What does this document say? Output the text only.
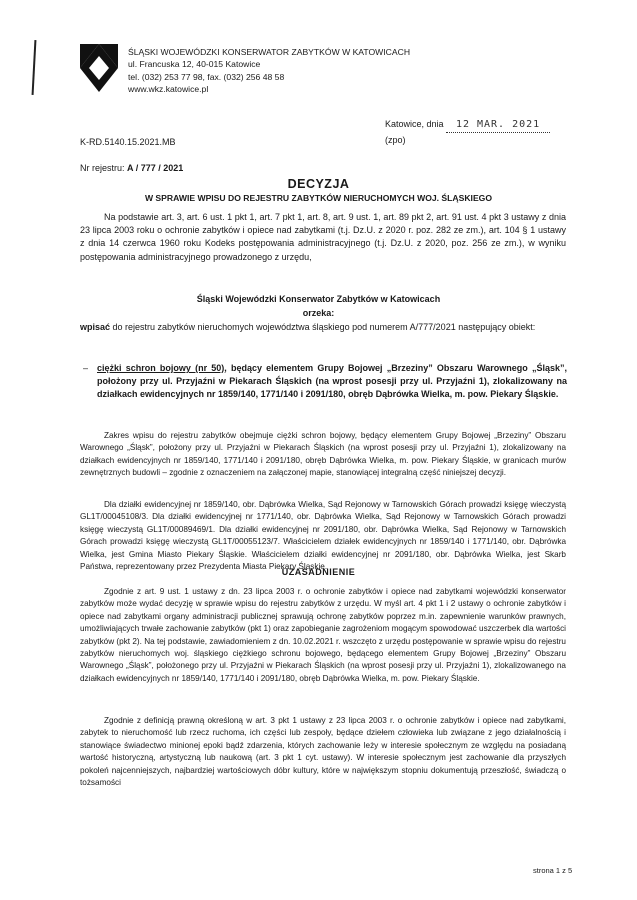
ŚLĄSKI WOJEWÓDZKI KONSERWATOR ZABYTKÓW W KATOWICACH
ul. Francuska 12, 40-015 Katowice
tel. (032) 253 77 98, fax. (032) 256 48 58
www.wkz.katowice.pl
Katowice, dnia 12 MAR. 2021
(zpo)
K-RD.5140.15.2021.MB
Nr rejestru: A / 777 / 2021
DECYZJA
W SPRAWIE WPISU DO REJESTRU ZABYTKÓW NIERUCHOMYCH WOJ. ŚLĄSKIEGO
Na podstawie art. 3, art. 6 ust. 1 pkt 1, art. 7 pkt 1, art. 8, art. 9 ust. 1, art. 89 pkt 2, art. 91 ust. 4 pkt 3 ustawy z dnia 23 lipca 2003 roku o ochronie zabytków i opiece nad zabytkami (t.j. Dz.U. z 2020 r. poz. 282 ze zm.), art. 104 § 1 ustawy z dnia 14 czerwca 1960 roku Kodeks postępowania administracyjnego (t.j. Dz.U. z 2020, poz. 256 ze zm.), w wyniku postępowania administracyjnego prowadzonego z urzędu,
Śląski Wojewódzki Konserwator Zabytków w Katowicach
orzeka:
wpisać do rejestru zabytków nieruchomych województwa śląskiego pod numerem A/777/2021 następujący obiekt:
– ciężki schron bojowy (nr 50), będący elementem Grupy Bojowej „Brzeziny” Obszaru Warownego „Śląsk”, położony przy ul. Przyjaźni w Piekarach Śląskich (na wprost posesji przy ul. Przyjaźni 1), zlokalizowany na działkach ewidencyjnych nr 1859/140, 1771/140 i 2091/180, obręb Dąbrówka Wielka, m. pow. Piekary Śląskie.
Zakres wpisu do rejestru zabytków obejmuje ciężki schron bojowy, będący elementem Grupy Bojowej „Brzeziny” Obszaru Warownego „Śląsk”, położony przy ul. Przyjaźni w Piekarach Śląskich (na wprost posesji przy ul. Przyjaźni 1), zlokalizowany na działkach ewidencyjnych nr 1859/140, 1771/140 i 2091/180, obręb Dąbrówka Wielka, m. pow. Piekary Śląskie, w granicach murów zewnętrznych budowli – zgodnie z oznaczeniem na załączonej mapie, stanowiącej integralną część niniejszej decyzji.
Dla działki ewidencyjnej nr 1859/140, obr. Dąbrówka Wielka, Sąd Rejonowy w Tarnowskich Górach prowadzi księgę wieczystą GL1T/00045108/3. Dla działki ewidencyjnej nr 1771/140, obr. Dąbrówka Wielka, Sąd Rejonowy w Tarnowskich Górach prowadzi księgę wieczystą GL1T/00089469/1. Dla działki ewidencyjnej nr 2091/180, obr. Dąbrówka Wielka, Sąd Rejonowy w Tarnowskich Górach prowadzi księgę wieczystą GL1T/00055123/7. Właścicielem działek ewidencyjnych nr 1859/140 i 1771/140, obr. Dąbrówka Wielka, jest Gmina Miasto Piekary Śląskie. Właścicielem działki ewidencyjnej nr 2091/180, obr. Dąbrówka Wielka, jest Skarb Państwa, reprezentowany przez Prezydenta Miasta Piekary Śląskie.
UZASADNIENIE
Zgodnie z art. 9 ust. 1 ustawy z dn. 23 lipca 2003 r. o ochronie zabytków i opiece nad zabytkami wojewódzki konserwator zabytków może wydać decyzję w sprawie wpisu do rejestru zabytków z urzędu. W myśl art. 4 pkt 1 i 2 ustawy o ochronie zabytków i opiece nad zabytkami organy administracji publicznej sprawują ochronę zabytków poprzez m.in. zapewnienie warunków prawnych, umożliwiających trwałe zachowanie zabytków (pkt 1) oraz zapobieganie zagrożeniom mogącym spowodować uszczerbek dla wartości zabytków (pkt 2). Na tej podstawie, zawiadomieniem z dn. 10.02.2021 r. wszczęto z urzędu postępowanie w sprawie wpisu do rejestru zabytków nieruchomych woj. śląskiego ciężkiego schronu bojowego, będącego elementem Grupy Bojowej „Brzeziny” Obszaru Warownego „Śląsk”, położonego przy ul. Przyjaźni w Piekarach Śląskich (na wprost posesji przy ul. Przyjaźni 1), zlokalizowanego na działkach ewidencyjnych nr 1859/140, 1771/140 i 2091/180, obręb Dąbrówka Wielka, m. pow. Piekary Śląskie.
Zgodnie z definicją prawną określoną w art. 3 pkt 1 ustawy z 23 lipca 2003 r. o ochronie zabytków i opiece nad zabytkami, zabytek to nieruchomość lub rzecz ruchoma, ich części lub zespoły, będące dziełem człowieka lub związane z jego działalnością i stanowiące świadectwo minionej epoki bądź zdarzenia, których zachowanie leży w interesie społecznym ze względu na posiadaną wartość historyczną, artystyczną lub naukową (art. 3 pkt 1 cyt. ustawy). W interesie społecznym jest zachowanie dla przyszłych pokoleń najcenniejszych, najbardziej wartościowych dóbr kultury, które w największym stopniu dokumentują przeszłość, świadczą o tożsamości
strona 1 z 5
